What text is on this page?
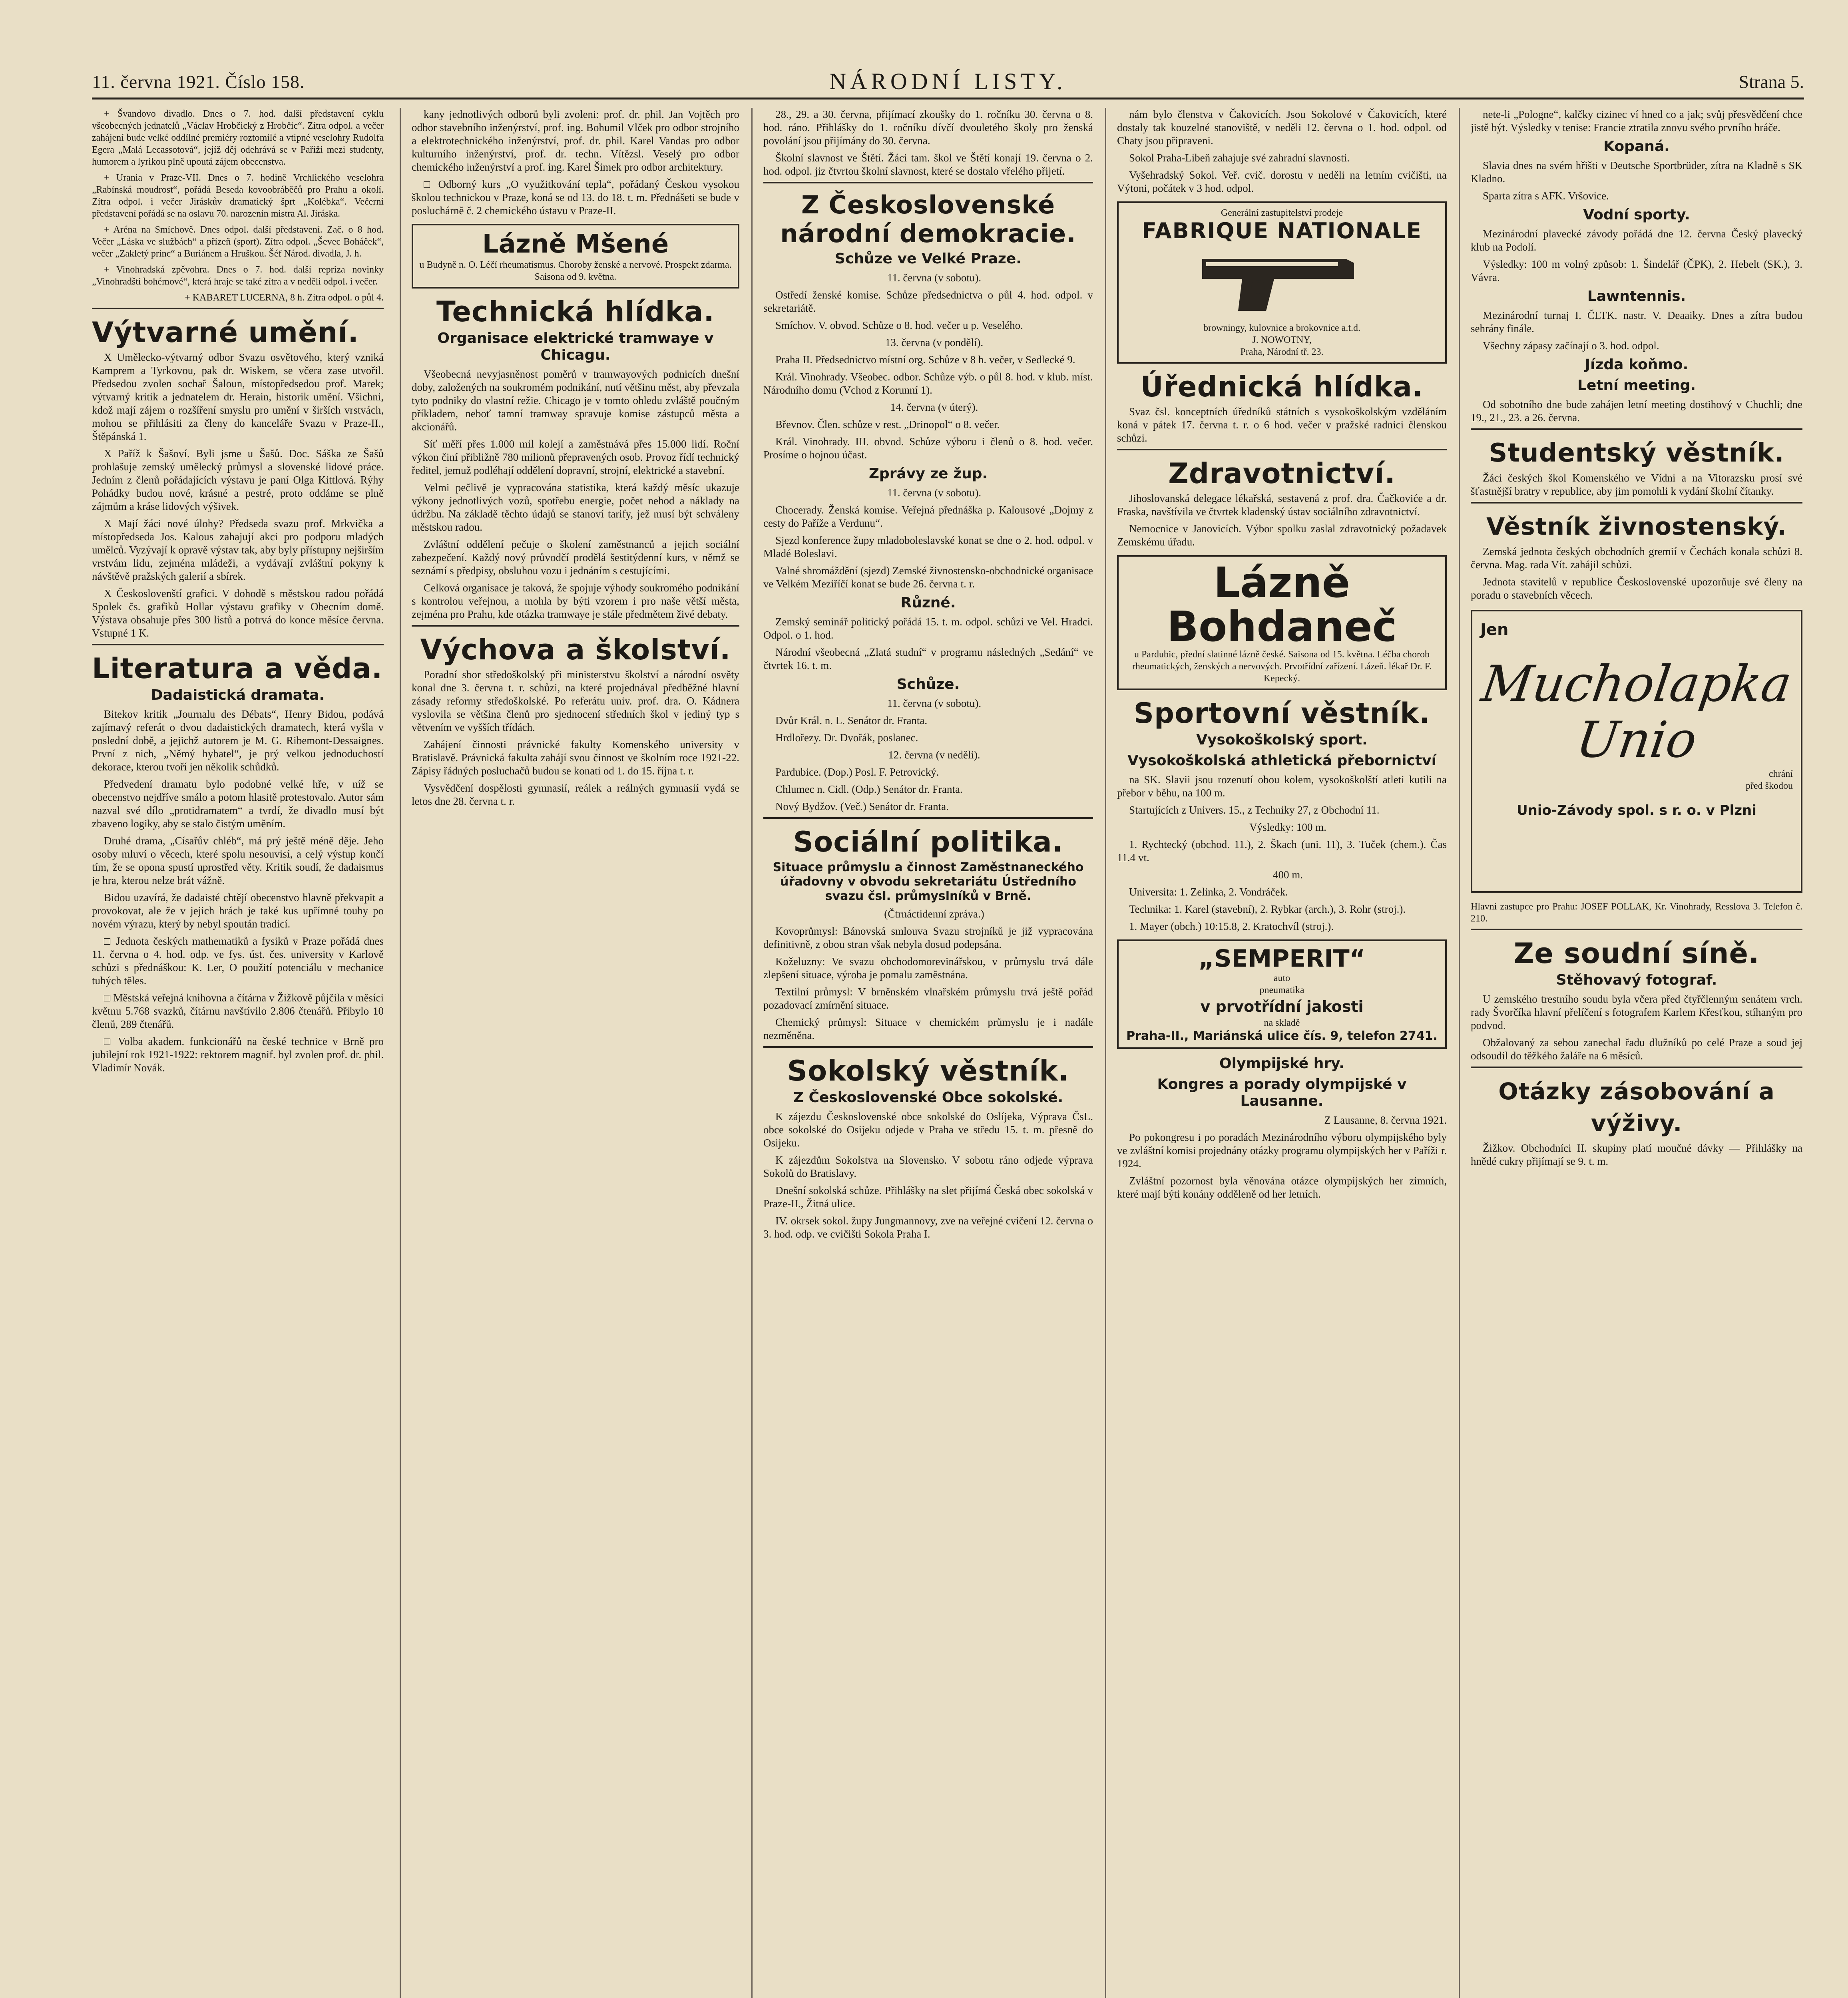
11. června 1921. Číslo 158.	NÁRODNÍ LISTY.	Strana 5.

+ Švandovo divadlo. Dnes o 7. hod. další představení cyklu všeobecných jednatelů „Václav Hrobčický z Hrobčic“. Zítra odpol. a večer zahájení bude velké oddílné premiéry roztomilé a vtipné veselohry Rudolfa Egera „Malá Lecassotová“, jejíž děj odehrává se v Paříži mezi studenty, humorem a lyrikou plně upoutá zájem obecenstva.

+ Urania v Praze-VII. Dnes o 7. hodině Vrchlického veselohra „Rabínská moudrost“, pořádá Beseda kovoobráběčů pro Prahu a okolí. Zítra odpol. i večer Jiráskův dramatický šprt „Kolébka“. Večerní představení pořádá se na oslavu 70. narozenin mistra Al. Jiráska.

+ Aréna na Smíchově. Dnes odpol. další představení. Zač. o 8 hod. Večer „Láska ve službách“ a přízeň (sport). Zítra odpol. „Ševec Boháček“, večer „Zakletý princ“ a Buriánem a Hruškou. Šéf Národ. divadla, J. h.

+ Vinohradská zpěvohra. Dnes o 7. hod. další repriza novinky „Vinohradští bohémové“, která hraje se také zítra a v neděli odpol. i večer.

+ KABARET LUCERNA, 8 h. Zítra odpol. o půl 4.

Výtvarné umění.

X Umělecko-výtvarný odbor Svazu osvětového, který vzniká Kamprem a Tyrkovou, pak dr. Wiskem, se včera zase utvořil. Předsedou zvolen sochař Šaloun, místopředsedou prof. Marek; výtvarný kritik a jednatelem dr. Herain, historik umění. Všichni, kdož mají zájem o rozšíření smyslu pro umění v širších vrstvách, mohou se přihlásiti za členy do kanceláře Svazu v Praze-II., Štěpánská 1.

X Paříž k Šašoví. Byli jsme u Šašů. Doc. Sáška ze Šašů prohlašuje zemský umělecký průmysl a slovenské lidové práce. Jedním z členů pořádajících výstavu je paní Olga Kittlová. Rýhy Pohádky budou nové, krásné a pestré, proto oddáme se plně zájmům a kráse lidových výšivek.

X Mají žáci nové úlohy? Předseda svazu prof. Mrkvička a místopředseda Jos. Kalous zahajují akci pro podporu mladých umělců. Vyzývají k opravě výstav tak, aby byly přístupny nejširším vrstvám lidu, zejména mládeži, a vydávají zvláštní pokyny k návštěvě pražských galerií a sbírek.

X Českoslovenští grafici. V dohodě s městskou radou pořádá Spolek čs. grafiků Hollar výstavu grafiky v Obecním domě. Výstava obsahuje přes 300 listů a potrvá do konce měsíce června. Vstupné 1 K.

Literatura a věda.
Dadaistická dramata.

Bitekov kritik „Journalu des Débats“, Henry Bidou, podává zajímavý referát o dvou dadaistických dramatech, která vyšla v poslední době, a jejichž autorem je M. G. Ribemont-Dessaignes. První z nich, „Němý hybatel“, je prý velkou jednoduchostí dekorace, kterou tvoří jen několik schůdků.

Předvedení dramatu bylo podobné velké hře, v níž se obecenstvo nejdříve smálo a potom hlasitě protestovalo. Autor sám nazval své dílo „protidramatem“ a tvrdí, že divadlo musí být zbaveno logiky, aby se stalo čistým uměním.

Druhé drama, „Císařův chléb“, má prý ještě méně děje. Jeho osoby mluví o věcech, které spolu nesouvisí, a celý výstup končí tím, že se opona spustí uprostřed věty. Kritik soudí, že dadaismus je hra, kterou nelze brát vážně.

Bidou uzavírá, že dadaisté chtějí obecenstvo hlavně překvapit a provokovat, ale že v jejich hrách je také kus upřímné touhy po novém výrazu, který by nebyl spoután tradicí.

□ Jednota českých mathematiků a fysiků v Praze pořádá dnes 11. června o 4. hod. odp. ve fys. úst. čes. university v Karlově schůzi s přednáškou: K. Ler, O použití potenciálu v mechanice tuhých těles.

□ Městská veřejná knihovna a čítárna v Žižkově půjčila v měsíci květnu 5.768 svazků, čítárnu navštívilo 2.806 čtenářů. Přibylo 10 členů, 289 čtenářů.

□ Volba akadem. funkcionářů na české technice v Brně pro jubilejní rok 1921-1922: rektorem magnif. byl zvolen prof. dr. phil. Vladimír Novák.

kany jednotlivých odborů byli zvoleni: prof. dr. phil. Jan Vojtěch pro odbor stavebního inženýrství, prof. ing. Bohumil Vlček pro odbor strojního a elektrotechnického inženýrství, prof. dr. phil. Karel Vandas pro odbor kulturního inženýrství, prof. dr. techn. Vítězsl. Veselý pro odbor chemického inženýrství a prof. ing. Karel Šimek pro odbor architektury.

□ Odborný kurs „O využitkování tepla“, pořádaný Českou vysokou školou technickou v Praze, koná se od 13. do 18. t. m. Přednášeti se bude v posluchárně č. 2 chemického ústavu v Praze-II.

Lázně Mšené
u Budyně n. O. Léčí rheumatismus. Choroby ženské a nervové. Prospekt zdarma. Saisona od 9. května.
Technická hlídka.
Organisace elektrické tramwaye v Chicagu.

Všeobecná nevyjasněnost poměrů v tramwayových podnicích dnešní doby, založených na soukromém podnikání, nutí většinu měst, aby převzala tyto podniky do vlastní režie. Chicago je v tomto ohledu zvláště poučným příkladem, neboť tamní tramway spravuje komise zástupců města a akcionářů.

Síť měří přes 1.000 mil kolejí a zaměstnává přes 15.000 lidí. Roční výkon činí přibližně 780 milionů přepravených osob. Provoz řídí technický ředitel, jemuž podléhají oddělení dopravní, strojní, elektrické a stavební.

Velmi pečlivě je vypracována statistika, která každý měsíc ukazuje výkony jednotlivých vozů, spotřebu energie, počet nehod a náklady na údržbu. Na základě těchto údajů se stanoví tarify, jež musí být schváleny městskou radou.

Zvláštní oddělení pečuje o školení zaměstnanců a jejich sociální zabezpečení. Každý nový průvodčí prodělá šestitýdenní kurs, v němž se seznámí s předpisy, obsluhou vozu i jednáním s cestujícími.

Celková organisace je taková, že spojuje výhody soukromého podnikání s kontrolou veřejnou, a mohla by býti vzorem i pro naše větší města, zejména pro Prahu, kde otázka tramwaye je stále předmětem živé debaty.

Výchova a školství.

Poradní sbor středoškolský při ministerstvu školství a národní osvěty konal dne 3. června t. r. schůzi, na které projednával předběžné hlavní zásady reformy středoškolské. Po referátu univ. prof. dra. O. Kádnera vyslovila se většina členů pro sjednocení středních škol v jediný typ s větvením ve vyšších třídách.

Zahájení činnosti právnické fakulty Komenského university v Bratislavě. Právnická fakulta zahájí svou činnost ve školním roce 1921-22. Zápisy řádných posluchačů budou se konati od 1. do 15. října t. r.

Vysvědčení dospělosti gymnasií, reálek a reálných gymnasií vydá se letos dne 28. června t. r.

28., 29. a 30. června, přijímací zkoušky do 1. ročníku 30. června o 8. hod. ráno. Přihlášky do 1. ročníku dívčí dvouletého školy pro ženská povolání jsou přijímány do 30. června.

Školní slavnost ve Štětí. Žáci tam. škol ve Štětí konají 19. června o 2. hod. odpol. jiz čtvrtou školní slavnost, které se dostalo vřelého přijetí.

Z Československé národní demokracie.
Schůze ve Velké Praze.

11. června (v sobotu).

Ostředí ženské komise. Schůze předsednictva o půl 4. hod. odpol. v sekretariátě.

Smíchov. V. obvod. Schůze o 8. hod. večer u p. Veselého.

13. června (v pondělí).

Praha II. Předsednictvo místní org. Schůze v 8 h. večer, v Sedlecké 9.

Král. Vinohrady. Všeobec. odbor. Schůze výb. o půl 8. hod. v klub. míst. Národního domu (Vchod z Korunní 1).

14. června (v úterý).

Břevnov. Člen. schůze v rest. „Drinopol“ o 8. večer.

Král. Vinohrady. III. obvod. Schůze výboru i členů o 8. hod. večer. Prosíme o hojnou účast.

Zprávy ze žup.

11. června (v sobotu).

Chocerady. Ženská komise. Veřejná přednáška p. Kalousové „Dojmy z cesty do Paříže a Verdunu“.

Sjezd konference župy mladoboleslavské konat se dne o 2. hod. odpol. v Mladé Boleslavi.

Valné shromáždění (sjezd) Zemské živnostensko-obchodnické organisace ve Velkém Meziříčí konat se bude 26. června t. r.

Různé.

Zemský seminář politický pořádá 15. t. m. odpol. schůzi ve Vel. Hradci. Odpol. o 1. hod.

Národní všeobecná „Zlatá studní“ v programu následných „Sedání“ ve čtvrtek 16. t. m.

Schůze.

11. června (v sobotu).

Dvůr Král. n. L. Senátor dr. Franta.

Hrdlořezy. Dr. Dvořák, poslanec.

12. června (v neděli).

Pardubice. (Dop.) Posl. F. Petrovický.

Chlumec n. Cidl. (Odp.) Senátor dr. Franta.

Nový Bydžov. (Več.) Senátor dr. Franta.

Sociální politika.
Situace průmyslu a činnost Zaměstnaneckého úřadovny v obvodu sekretariátu Ústředního svazu čsl. průmyslníků v Brně.

(Čtrnáctidenní zpráva.)

Kovoprůmysl: Bánovská smlouva Svazu strojníků je již vypracována definitivně, z obou stran však nebyla dosud podepsána.

Koželuzny: Ve svazu obchodomorevinářskou, v průmyslu trvá dále zlepšení situace, výroba je pomalu zaměstnána.

Textilní průmysl: V brněnském vlnařském průmyslu trvá ještě pořád pozadovací zmírnění situace.

Chemický průmysl: Situace v chemickém průmyslu je i nadále nezměněna.

Sokolský věstník.
Z Československé Obce sokolské.

K zájezdu Československé obce sokolské do Oslíjeka, Výprava ČsL. obce sokolské do Osijeku odjede v Praha ve středu 15. t. m. přesně do Osijeku.

K zájezdům Sokolstva na Slovensko. V sobotu ráno odjede výprava Sokolů do Bratislavy.

Dnešní sokolská schůze. Přihlášky na slet přijímá Česká obec sokolská v Praze-II., Žitná ulice.

IV. okrsek sokol. župy Jungmannovy, zve na veřejné cvičení 12. června o 3. hod. odp. ve cvičišti Sokola Praha I.

nám bylo členstva v Čakovicích. Jsou Sokolové v Čakovicích, které dostaly tak kouzelné stanoviště, v neděli 12. června o 1. hod. odpol. od Chaty jsou připraveni.

Sokol Praha-Libeň zahajuje své zahradní slavnosti.

Vyšehradský Sokol. Veř. cvič. dorostu v neděli na letním cvičišti, na Výtoni, počátek v 3 hod. odpol.

Generální zastupitelství prodeje
FABRIQUE NATIONALE
browningy, kulovnice a brokovnice a.t.d.
J. NOWOTNY,
Praha, Národní tř. 23.
Úřednická hlídka.

Svaz čsl. konceptních úředníků státních s vysokoškolským vzděláním koná v pátek 17. června t. r. o 6 hod. večer v pražské radnici členskou schůzi.

Zdravotnictví.

Jihoslovanská delegace lékařská, sestavená z prof. dra. Čačkoviće a dr. Fraska, navštívila ve čtvrtek kladenský ústav sociálního zdravotnictví.

Nemocnice v Janovicích. Výbor spolku zaslal zdravotnický požadavek Zemskému úřadu.

Lázně Bohdaneč
u Pardubic, přední slatinné lázně české. Saisona od 15. května. Léčba chorob rheumatických, ženských a nervových. Prvotřídní zařízení. Lázeň. lékař Dr. F. Kepecký.
Sportovní věstník.
Vysokoškolský sport.
Vysokoškolská athletická přebornictví

na SK. Slavii jsou rozenutí obou kolem, vysokoškolští atleti kutili na přebor v běhu, na 100 m.

Startujících z Univers. 15., z Techniky 27, z Obchodní 11.

Výsledky: 100 m.

1. Rychtecký (obchod. 11.), 2. Škach (uni. 11), 3. Tuček (chem.). Čas 11.4 vt.

400 m.

Universita: 1. Zelinka, 2. Vondráček.

Technika: 1. Karel (stavební), 2. Rybkar (arch.), 3. Rohr (stroj.).

1. Mayer (obch.) 10:15.8, 2. Kratochvíl (stroj.).

„SEMPERIT“
auto
pneumatika
v prvotřídní jakosti
na skladě
Praha-II., Mariánská ulice čís. 9, telefon 2741.
Olympijské hry.
Kongres a porady olympijské v Lausanne.

Z Lausanne, 8. června 1921.

Po pokongresu i po poradách Mezinárodního výboru olympijského byly ve zvláštní komisi projednány otázky programu olympijských her v Paříži r. 1924.

Zvláštní pozornost byla věnována otázce olympijských her zimních, které mají býti konány odděleně od her letních.

nete-li „Pologne“, kalčky cizinec ví hned co a jak; svůj přesvědčení chce jistě být. Výsledky v tenise: Francie ztratila znovu svého prvního hráče.

Kopaná.

Slavia dnes na svém hřišti v Deutsche Sportbrüder, zítra na Kladně s SK Kladno.

Sparta zítra s AFK. Vršovice.

Vodní sporty.

Mezinárodní plavecké závody pořádá dne 12. června Český plavecký klub na Podolí.

Výsledky: 100 m volný způsob: 1. Šindelář (ČPK), 2. Hebelt (SK.), 3. Vávra.

Lawntennis.

Mezinárodní turnaj I. ČLTK. nastr. V. Deaaiky. Dnes a zítra budou sehrány finále.

Všechny zápasy začínají o 3. hod. odpol.

Jízda koňmo.
Letní meeting.

Od sobotního dne bude zahájen letní meeting dostihový v Chuchli; dne 19., 21., 23. a 26. června.

Studentský věstník.

Žáci českých škol Komenského ve Vídni a na Vitorazsku prosí své šťastnější bratry v republice, aby jim pomohli k vydání školní čítanky.

Věstník živnostenský.

Zemská jednota českých obchodních gremií v Čechách konala schůzi 8. června. Mag. rada Vít. zahájil schůzi.

Jednota stavitelů v republice Československé upozorňuje své členy na poradu o stavebních věcech.

Jen
Mucholapka
Unio
chrání
před škodou
Unio-Závody spol. s r. o. v Plzni
Hlavní zastupce pro Prahu: JOSEF POLLAK, Kr. Vinohrady, Resslova 3. Telefon č. 210.
Ze soudní síně.
Stěhovavý fotograf.

U zemského trestního soudu byla včera před čtyřčlenným senátem vrch. rady Švorčíka hlavní přelíčení s fotografem Karlem Křesťkou, stíhaným pro podvod.

Obžalovaný za sebou zanechal řadu dlužníků po celé Praze a soud jej odsoudil do těžkého žaláře na 6 měsíců.

Otázky zásobování a výživy.

Žižkov. Obchodníci II. skupiny platí moučné dávky — Přihlášky na hnědé cukry přijímají se 9. t. m.
